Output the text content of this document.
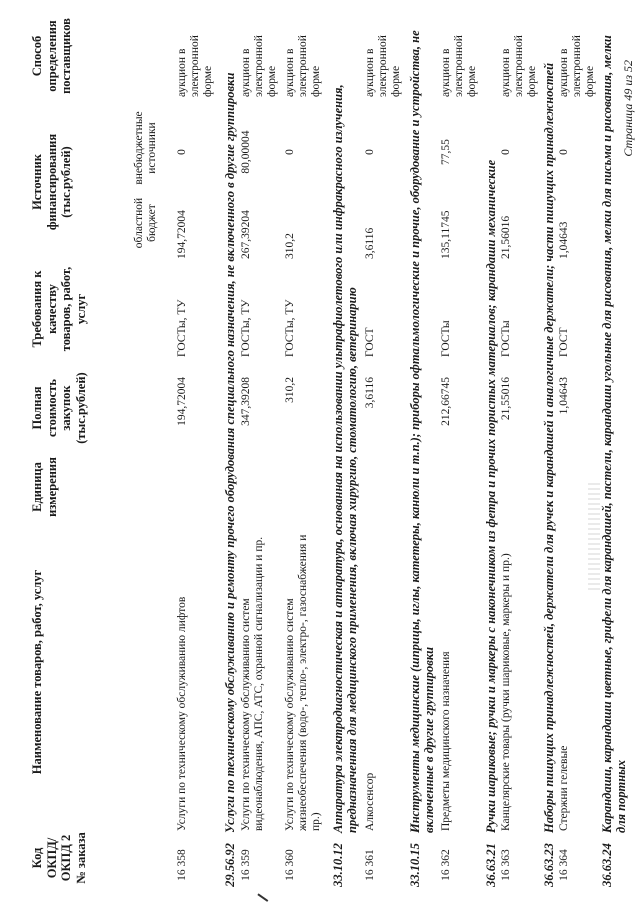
Код ОКПД/ ОКПД 2 № заказа
Наименование товаров, работ, услуг
Единица измерения
Полная стоимость закупок (тыс.рублей)
Требования к качеству товаров, работ, услуг
Источник финансирования (тыс.рублей)
областной бюджет
внебюджетные источники
Способ определения поставщиков
16 358
Услуги по техническому обслуживанию лифтов
194,72004
ГОСТы, ТУ
194,72004
0
аукцион в электронной форме
29.56.92
Услуги по техническому обслуживанию и ремонту прочего оборудования специального назначения, не включенного в другие группировки
16 359
Услуги по техническому обслуживанию систем видеонаблюдения, АПС, АТС, охранной сигнализации и пр.
347,39208
ГОСТы, ТУ
267,39204
80,00004
аукцион в электронной форме
16 360
Услуги по техническому обслуживанию систем жизнеобеспечения (водо-, тепло-, электро-, газоснабжения и пр.)
310,2
ГОСТы, ТУ
310,2
0
аукцион в электронной форме
33.10.12
Аппаратура электродиагностическая и аппаратура, основанная на использовании ультрафиолетового или инфракрасного излучения, предназначенная для медицинского применения, включая хирургию, стоматологию, ветеринарию
16 361
Алкосенсор
3,6116
ГОСТ
3,6116
0
аукцион в электронной форме
33.10.15
Инструменты медицинские (шприцы, иглы, катетеры, канюли и т.п.); приборы офтальмологические и прочие, оборудование и устройства, не включенные в другие группировки
16 362
Предметы медицинского назначения
212,66745
ГОСТы
135,11745
77,55
аукцион в электронной форме
36.63.21
Ручки шариковые; ручки и маркеры с наконечником из фетра и прочих пористых материалов; карандаши механические
16 363
Канцелярские товары (ручки шариковые, маркеры и пр.)
21,55016
ГОСТы
21,56016
0
аукцион в электронной форме
36.63.23
Наборы пишущих принадлежностей, держатели для ручек и карандашей и аналогичные держатели; части пишущих принадлежностей
16 364
Стержни гелевые
1,04643
ГОСТ
1,04643
0
аукцион в электронной форме
36.63.24
Карандаши, карандаши цветные, грифели для карандашей, пастели, карандаши угольные для рисования, мелки для письма и рисования, мелки для портных
Страница 49 из 52
